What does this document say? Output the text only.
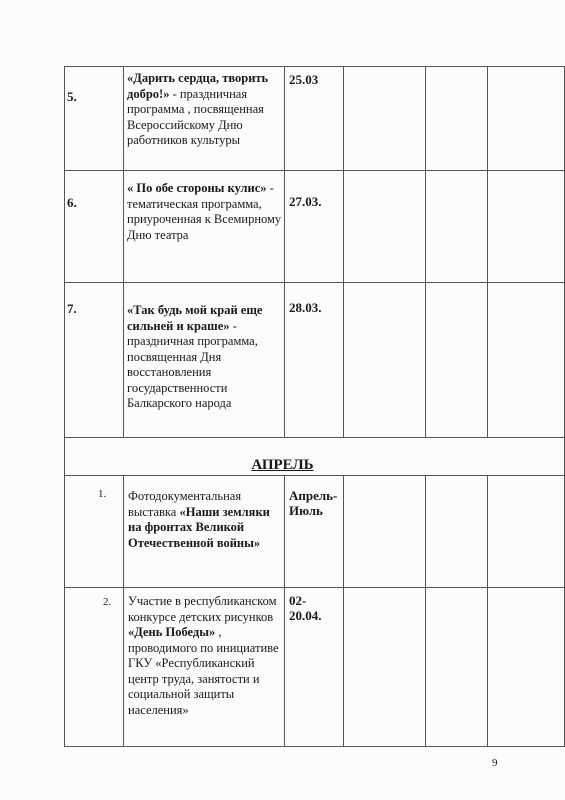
5.
«Дарить сердца, творить добро!» - праздничная программа , посвященная Всероссийскому Дню работников культуры
25.03
6.
« По обе стороны кулис» - тематическая программа, приуроченная к Всемирному Дню театра
27.03.
7.	«Так будь мой край еще сильней и краше» - праздничная программа, посвященная Дня восстановления государственности Балкарского народа
28.03.
АПРЕЛЬ
1. Фотодокументальная выставка «Наши земляки на фронтах Великой Отечественной войны»
Апрель-Июль
2. Участие в республиканском конкурсе детских рисунков «День Победы» , проводимого по инициативе ГКУ «Республиканский центр труда, занятости и социальной защиты населения»
02-20.04.
9
